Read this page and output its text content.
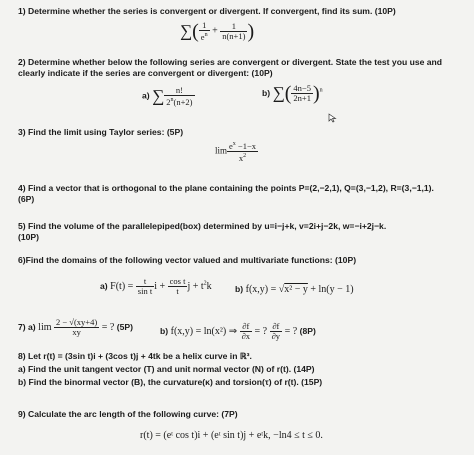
1) Determine whether the series is convergent or divergent. If convergent, find its sum. (10P)
∑( $\frac{1}{e^n} + \frac{1}{n(n+1)}$ )
2) Determine whether below the following series are convergent or divergent. State the test you use and
clearly indicate if the series are convergent or divergent: (10P)
a) ∑ $\frac{n!}{2^n(n+2)}$	b) ∑( $\frac{4n-5}{2n+1} )^n$
3) Find the limit using Taylor series: (5P)
$\lim \frac{e^x -1-x}{x^2}$
4) Find a vector that is orthogonal to the plane containing the points P=(2,−2,1), Q=(3,−1,2), R=(3,−1,1).
(6P)
5) Find the volume of the parallelepiped(box) determined by u=i−j+k, v=2i+j−2k, w=−i+2j−k.
(10P)
6)Find the domains of the following vector valued and multivariate functions: (10P)
a) $F(t) = \frac{t}{\text{sin t}}$ $i + \frac{\text{cos t}}{t}$ $j + t^2k$	b) f(x,y) = √x² − y + ln(y − 1)
7) a) $\lim \frac{2 - √(xy+4)}{xy}$ = ? (5P)	b) f(x,y) = ln(x²) ⇒ $\frac{\partial f}{\partial x}$ = ? $\frac{\partial f}{\partial y}$ = ? (8P)
8) Let r(t) = (3sin t)i + (3cos t)j + 4tk be a helix curve in ℝ³.
a) Find the unit tangent vector (T) and unit normal vector (N) of r(t). (14P)
b) Find the binormal vector (B), the curvature(κ) and torsion(τ) of r(t). (15P)
9) Calculate the arc length of the following curve: (7P)
r(t) = (eᵗ cos t)i + (eᵗ sin t)j + eᵗk, −ln4 ≤ t ≤ 0.
